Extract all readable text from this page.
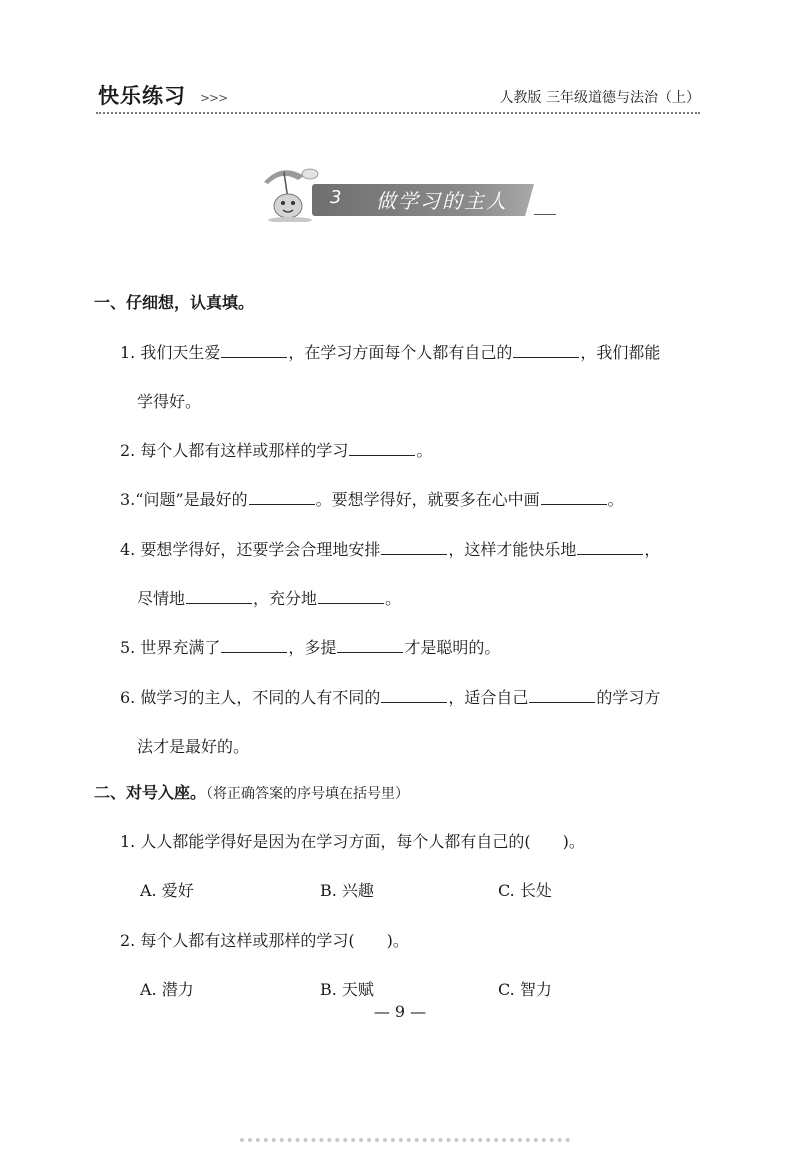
快乐练习 >>>	人教版 三年级道德与法治（上）
3 做学习的主人
一、仔细想，认真填。
1. 我们天生爱	，在学习方面每个人都有自己的	，我们都能
学得好。
2. 每个人都有这样或那样的学习	。
3.“问题”是最好的	。要想学得好，就要多在心中画	。
4. 要想学得好，还要学会合理地安排	，这样才能快乐地	，
尽情地	，充分地	。
5. 世界充满了	，多提	才是聪明的。
6. 做学习的主人，不同的人有不同的	，适合自己	的学习方
法才是最好的。
二、对号入座。（将正确答案的序号填在括号里）
1. 人人都能学得好是因为在学习方面，每个人都有自己的(　　)。
A. 爱好	B. 兴趣	C. 长处
2. 每个人都有这样或那样的学习(　　)。
A. 潜力	B. 天赋	C. 智力
— 9 —
